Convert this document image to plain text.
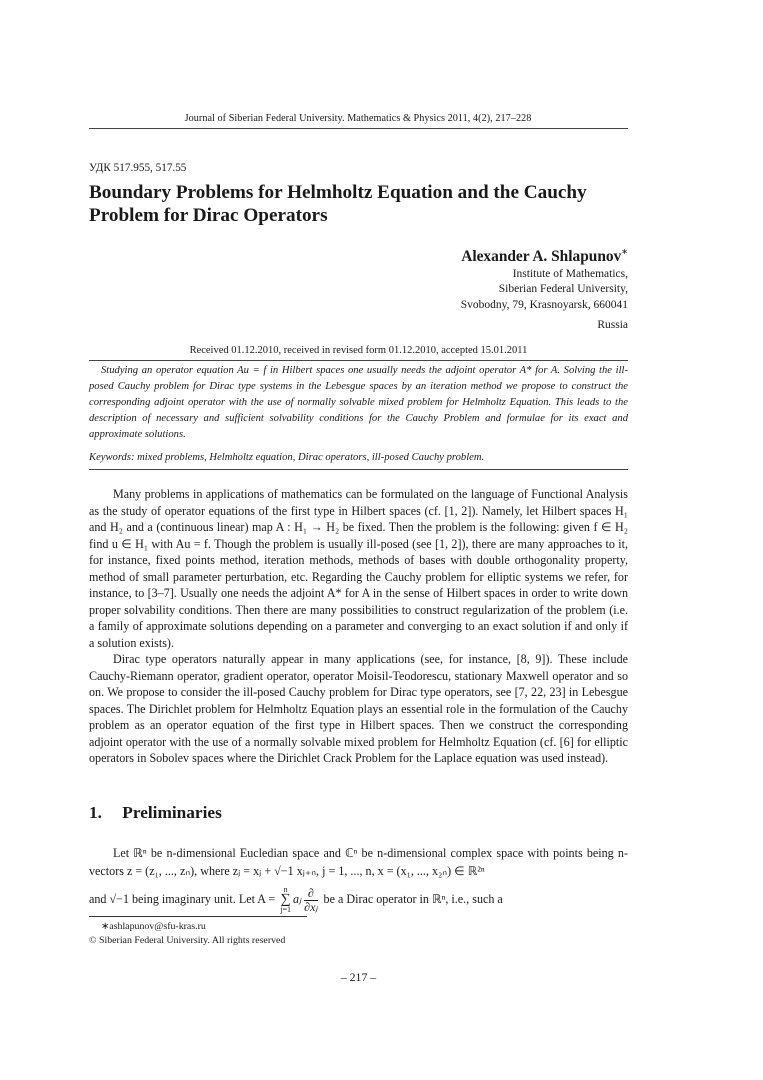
Journal of Siberian Federal University. Mathematics & Physics 2011, 4(2), 217–228
УДК 517.955, 517.55
Boundary Problems for Helmholtz Equation and the Cauchy Problem for Dirac Operators
Alexander A. Shlapunov∗
Institute of Mathematics,
Siberian Federal University,
Svobodny, 79, Krasnoyarsk, 660041
Russia
Received 01.12.2010, received in revised form 01.12.2010, accepted 15.01.2011
Studying an operator equation Au = f in Hilbert spaces one usually needs the adjoint operator A* for A. Solving the ill-posed Cauchy problem for Dirac type systems in the Lebesgue spaces by an iteration method we propose to construct the corresponding adjoint operator with the use of normally solvable mixed problem for Helmholtz Equation. This leads to the description of necessary and sufficient solvability conditions for the Cauchy Problem and formulae for its exact and approximate solutions.
Keywords: mixed problems, Helmholtz equation, Dirac operators, ill-posed Cauchy problem.

Many problems in applications of mathematics can be formulated on the language of Functional Analysis as the study of operator equations of the first type in Hilbert spaces (cf. [1, 2]). Namely, let Hilbert spaces H₁ and H₂ and a (continuous linear) map A : H₁ → H₂ be fixed. Then the problem is the following: given f ∈ H₂ find u ∈ H₁ with Au = f. Though the problem is usually ill-posed (see [1, 2]), there are many approaches to it, for instance, fixed points method, iteration methods, methods of bases with double orthogonality property, method of small parameter perturbation, etc. Regarding the Cauchy problem for elliptic systems we refer, for instance, to [3–7]. Usually one needs the adjoint A* for A in the sense of Hilbert spaces in order to write down proper solvability conditions. Then there are many possibilities to construct regularization of the problem (i.e. a family of approximate solutions depending on a parameter and converging to an exact solution if and only if a solution exists).

Dirac type operators naturally appear in many applications (see, for instance, [8, 9]). These include Cauchy-Riemann operator, gradient operator, operator Moisil-Teodorescu, stationary Maxwell operator and so on. We propose to consider the ill-posed Cauchy problem for Dirac type operators, see [7, 22, 23] in Lebesgue spaces. The Dirichlet problem for Helmholtz Equation plays an essential role in the formulation of the Cauchy problem as an operator equation of the first type in Hilbert spaces. Then we construct the corresponding adjoint operator with the use of a normally solvable mixed problem for Helmholtz Equation (cf. [6] for elliptic operators in Sobolev spaces where the Dirichlet Crack Problem for the Laplace equation was used instead).

1. Preliminaries

Let ℝⁿ be n-dimensional Eucledian space and ℂⁿ be n-dimensional complex space with points being n-vectors z = (z₁, ..., zₙ), where zⱼ = xⱼ + √−1 xⱼ₊ₙ, j = 1, ..., n, x = (x₁, ..., x₂ₙ) ∈ ℝ²ⁿ

and √−1 being imaginary unit. Let A =
n
∑
j=1
aⱼ $\frac{\partial}{\text{∂xⱼ}}$ be a Dirac operator in ℝⁿ, i.e., such a

∗ashlapunov@sfu-kras.ru
© Siberian Federal University. All rights reserved
– 217 –
